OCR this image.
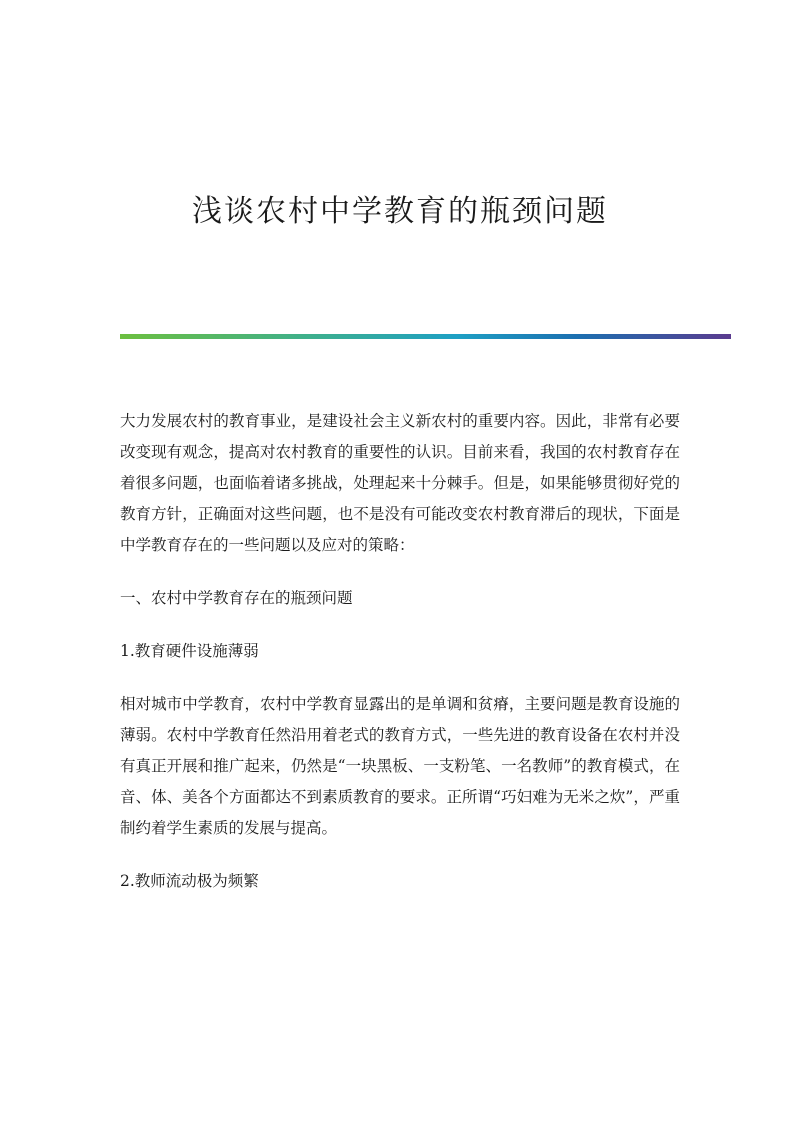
浅谈农村中学教育的瓶颈问题

大力发展农村的教育事业，是建设社会主义新农村的重要内容。因此，非常有必要改变现有观念，提高对农村教育的重要性的认识。目前来看，我国的农村教育存在着很多问题，也面临着诸多挑战，处理起来十分棘手。但是，如果能够贯彻好党的教育方针，正确面对这些问题，也不是没有可能改变农村教育滞后的现状，下面是中学教育存在的一些问题以及应对的策略：

一、农村中学教育存在的瓶颈问题

1.教育硬件设施薄弱

相对城市中学教育，农村中学教育显露出的是单调和贫瘠，主要问题是教育设施的薄弱。农村中学教育任然沿用着老式的教育方式，一些先进的教育设备在农村并没有真正开展和推广起来，仍然是“一块黑板、一支粉笔、一名教师”的教育模式，在音、体、美各个方面都达不到素质教育的要求。正所谓“巧妇难为无米之炊”，严重制约着学生素质的发展与提高。

2.教师流动极为频繁
